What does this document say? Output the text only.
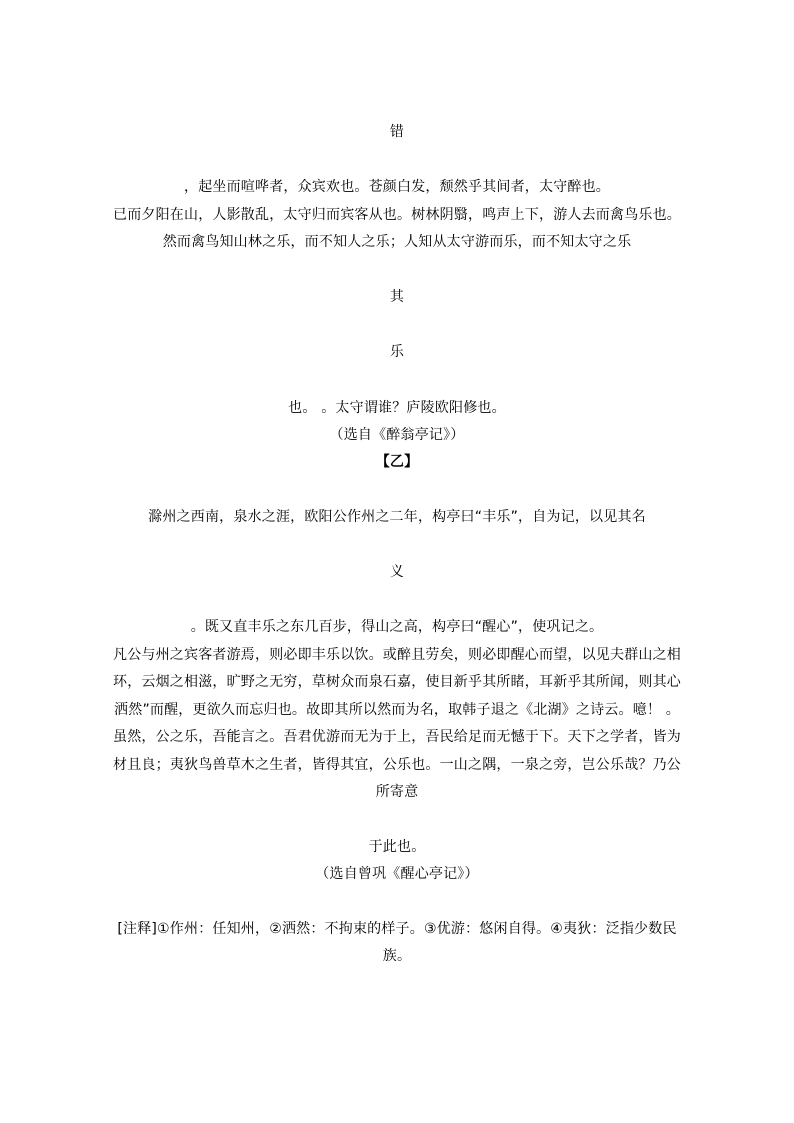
错
，起坐而喧哗者，众宾欢也。苍颜白发，颓然乎其间者，太守醉也。
已而夕阳在山，人影散乱，太守归而宾客从也。树林阴翳，鸣声上下，游人去而禽鸟乐也。
然而禽鸟知山林之乐，而不知人之乐；人知从太守游而乐，而不知太守之乐
其
乐
也。 。太守谓谁？庐陵欧阳修也。
（选自《醉翁亭记》）
【乙】
滁州之西南，泉水之涯，欧阳公作州之二年，构亭曰“丰乐”，自为记，以见其名
义
。既又直丰乐之东几百步，得山之高，构亭曰“醒心”，使巩记之。
凡公与州之宾客者游焉，则必即丰乐以饮。或醉且劳矣，则必即醒心而望，以见夫群山之相
环，云烟之相滋，旷野之无穷，草树众而泉石嘉，使目新乎其所睹，耳新乎其所闻，则其心
洒然”而醒，更欲久而忘归也。故即其所以然而为名，取韩子退之《北湖》之诗云。噫！ 。
虽然，公之乐，吾能言之。吾君优游而无为于上，吾民给足而无憾于下。天下之学者，皆为
材且良；夷狄鸟兽草木之生者，皆得其宜，公乐也。一山之隅，一泉之旁，岂公乐哉？乃公
所寄意
于此也。
（选自曾巩《醒心亭记》）
[注释]①作州：任知州，②洒然：不拘束的样子。③优游：悠闲自得。④夷狄：泛指少数民
族。
